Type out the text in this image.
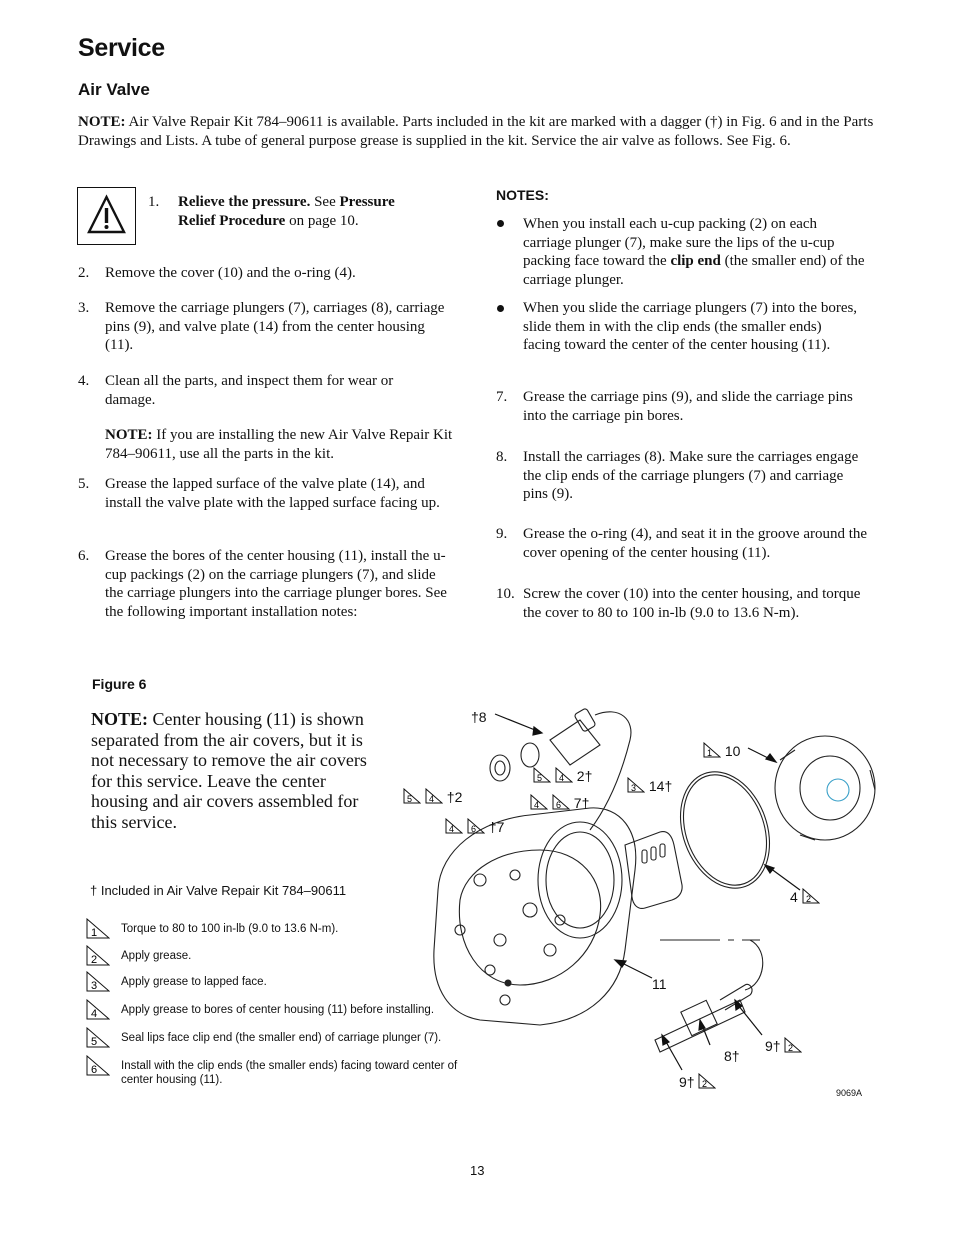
Service
Air Valve
NOTE: Air Valve Repair Kit 784–90611 is available. Parts included in the kit are marked with a dagger (†) in Fig. 6 and in the Parts Drawings and Lists. A tube of general purpose grease is supplied in the kit. Service the air valve as follows. See Fig. 6.
1. Relieve the pressure. See Pressure Relief Procedure on page 10.
2. Remove the cover (10) and the o-ring (4).
3. Remove the carriage plungers (7), carriages (8), carriage pins (9), and valve plate (14) from the center housing (11).
4. Clean all the parts, and inspect them for wear or damage.
NOTE: If you are installing the new Air Valve Repair Kit 784–90611, use all the parts in the kit.
5. Grease the lapped surface of the valve plate (14), and install the valve plate with the lapped surface facing up.
6. Grease the bores of the center housing (11), install the u-cup packings (2) on the carriage plungers (7), and slide the carriage plungers into the carriage plunger bores. See the following important installation notes:
NOTES:
When you install each u-cup packing (2) on each carriage plunger (7), make sure the lips of the u-cup packing face toward the clip end (the smaller end) of the carriage plunger.
When you slide the carriage plungers (7) into the bores, slide them in with the clip ends (the smaller ends) facing toward the center of the center housing (11).
7. Grease the carriage pins (9), and slide the carriage pins into the carriage pin bores.
8. Install the carriages (8). Make sure the carriages engage the clip ends of the carriage plungers (7) and carriage pins (9).
9. Grease the o-ring (4), and seat it in the groove around the cover opening of the center housing (11).
10. Screw the cover (10) into the center housing, and torque the cover to 80 to 100 in-lb (9.0 to 13.6 N-m).
Figure 6
NOTE: Center housing (11) is shown separated from the air covers, but it is not necessary to remove the air covers for this service. Leave the center housing and air covers assembled for this service.
† Included in Air Valve Repair Kit 784–90611
1 Torque to 80 to 100 in-lb (9.0 to 13.6 N-m).
2 Apply grease.
3 Apply grease to lapped face.
4 Apply grease to bores of center housing (11) before installing.
5 Seal lips face clip end (the smaller end) of carriage plunger (7).
6 Install with the clip ends (the smaller ends) facing toward center of center housing (11).
†8
5
4 †2
4
6 †7
5
4 2†
4
6 7†
3 14†
1 10
4 2
11
9† 2
8†
9† 2
9069A
13
